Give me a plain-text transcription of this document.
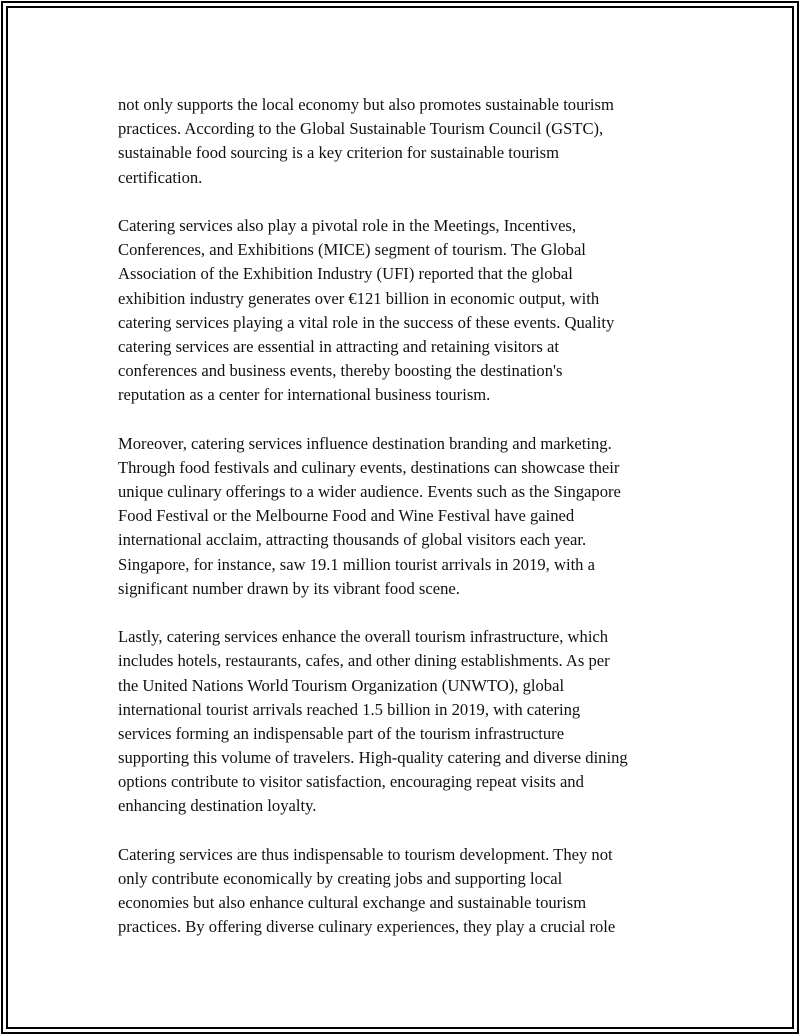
not only supports the local economy but also promotes sustainable tourism
practices. According to the Global Sustainable Tourism Council (GSTC),
sustainable food sourcing is a key criterion for sustainable tourism
certification.

Catering services also play a pivotal role in the Meetings, Incentives,
Conferences, and Exhibitions (MICE) segment of tourism. The Global
Association of the Exhibition Industry (UFI) reported that the global
exhibition industry generates over €121 billion in economic output, with
catering services playing a vital role in the success of these events. Quality
catering services are essential in attracting and retaining visitors at
conferences and business events, thereby boosting the destination's
reputation as a center for international business tourism.

Moreover, catering services influence destination branding and marketing.
Through food festivals and culinary events, destinations can showcase their
unique culinary offerings to a wider audience. Events such as the Singapore
Food Festival or the Melbourne Food and Wine Festival have gained
international acclaim, attracting thousands of global visitors each year.
Singapore, for instance, saw 19.1 million tourist arrivals in 2019, with a
significant number drawn by its vibrant food scene.

Lastly, catering services enhance the overall tourism infrastructure, which
includes hotels, restaurants, cafes, and other dining establishments. As per
the United Nations World Tourism Organization (UNWTO), global
international tourist arrivals reached 1.5 billion in 2019, with catering
services forming an indispensable part of the tourism infrastructure
supporting this volume of travelers. High-quality catering and diverse dining
options contribute to visitor satisfaction, encouraging repeat visits and
enhancing destination loyalty.

Catering services are thus indispensable to tourism development. They not
only contribute economically by creating jobs and supporting local
economies but also enhance cultural exchange and sustainable tourism
practices. By offering diverse culinary experiences, they play a crucial role
